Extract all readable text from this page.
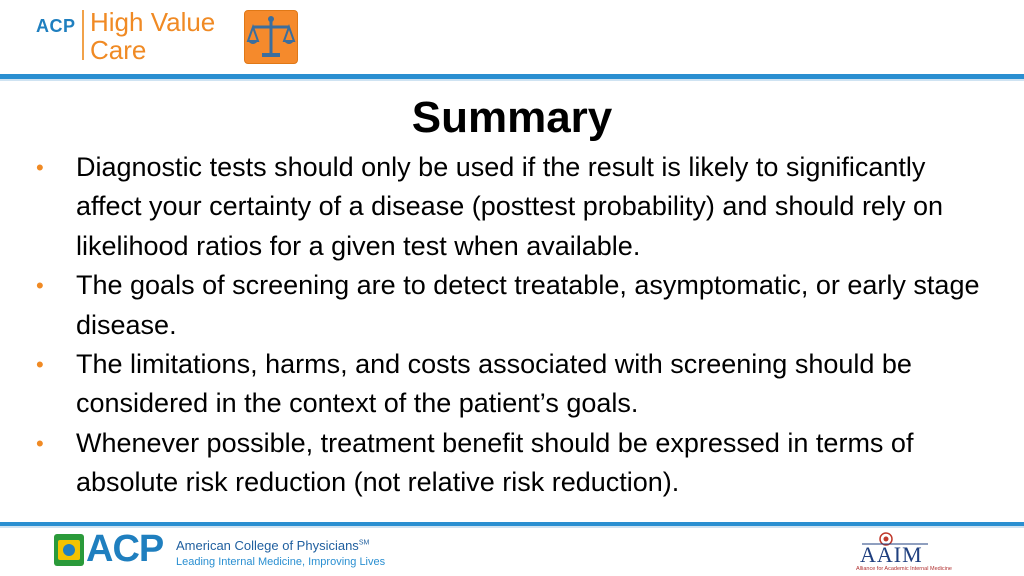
ACP High Value
Care
Summary
• Diagnostic tests should only be used if the result is likely to significantly affect your certainty of a disease (posttest probability) and should rely on likelihood ratios for a given test when available.
• The goals of screening are to detect treatable, asymptomatic, or early stage disease.
• The limitations, harms, and costs associated with screening should be considered in the context of the patient’s goals.
• Whenever possible, treatment benefit should be expressed in terms of absolute risk reduction (not relative risk reduction).
ACP American College of Physicians℠
Leading Internal Medicine, Improving Lives	AAIM
Alliance for Academic Internal Medicine
